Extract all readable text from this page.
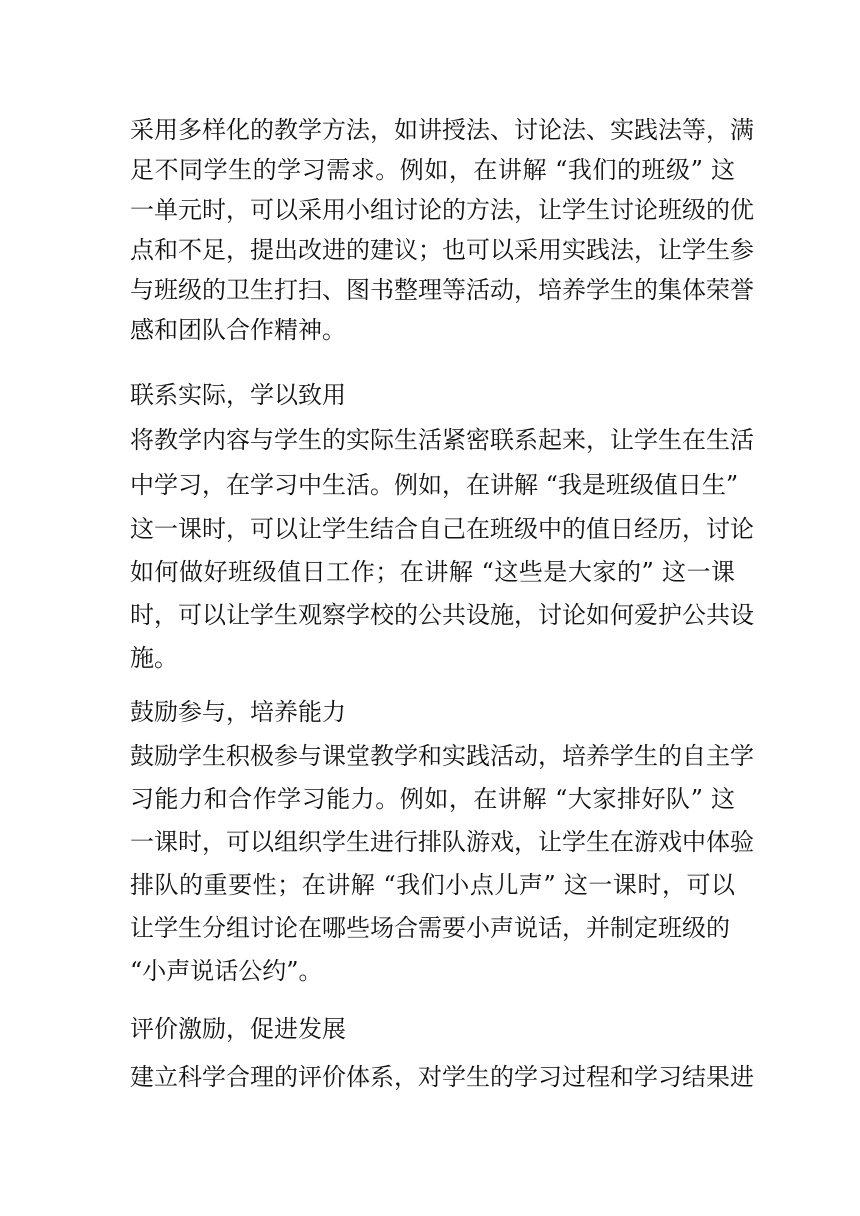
采用多样化的教学方法，如讲授法、讨论法、实践法等，满
足不同学生的学习需求。例如，在讲解 “我们的班级” 这
一单元时，可以采用小组讨论的方法，让学生讨论班级的优
点和不足，提出改进的建议；也可以采用实践法，让学生参
与班级的卫生打扫、图书整理等活动，培养学生的集体荣誉
感和团队合作精神。
联系实际，学以致用
将教学内容与学生的实际生活紧密联系起来，让学生在生活
中学习，在学习中生活。例如，在讲解 “我是班级值日生”
这一课时，可以让学生结合自己在班级中的值日经历，讨论
如何做好班级值日工作；在讲解 “这些是大家的” 这一课
时，可以让学生观察学校的公共设施，讨论如何爱护公共设
施。
鼓励参与，培养能力
鼓励学生积极参与课堂教学和实践活动，培养学生的自主学
习能力和合作学习能力。例如，在讲解 “大家排好队” 这
一课时，可以组织学生进行排队游戏，让学生在游戏中体验
排队的重要性；在讲解 “我们小点儿声” 这一课时，可以
让学生分组讨论在哪些场合需要小声说话，并制定班级的
“小声说话公约”。
评价激励，促进发展
建立科学合理的评价体系，对学生的学习过程和学习结果进
